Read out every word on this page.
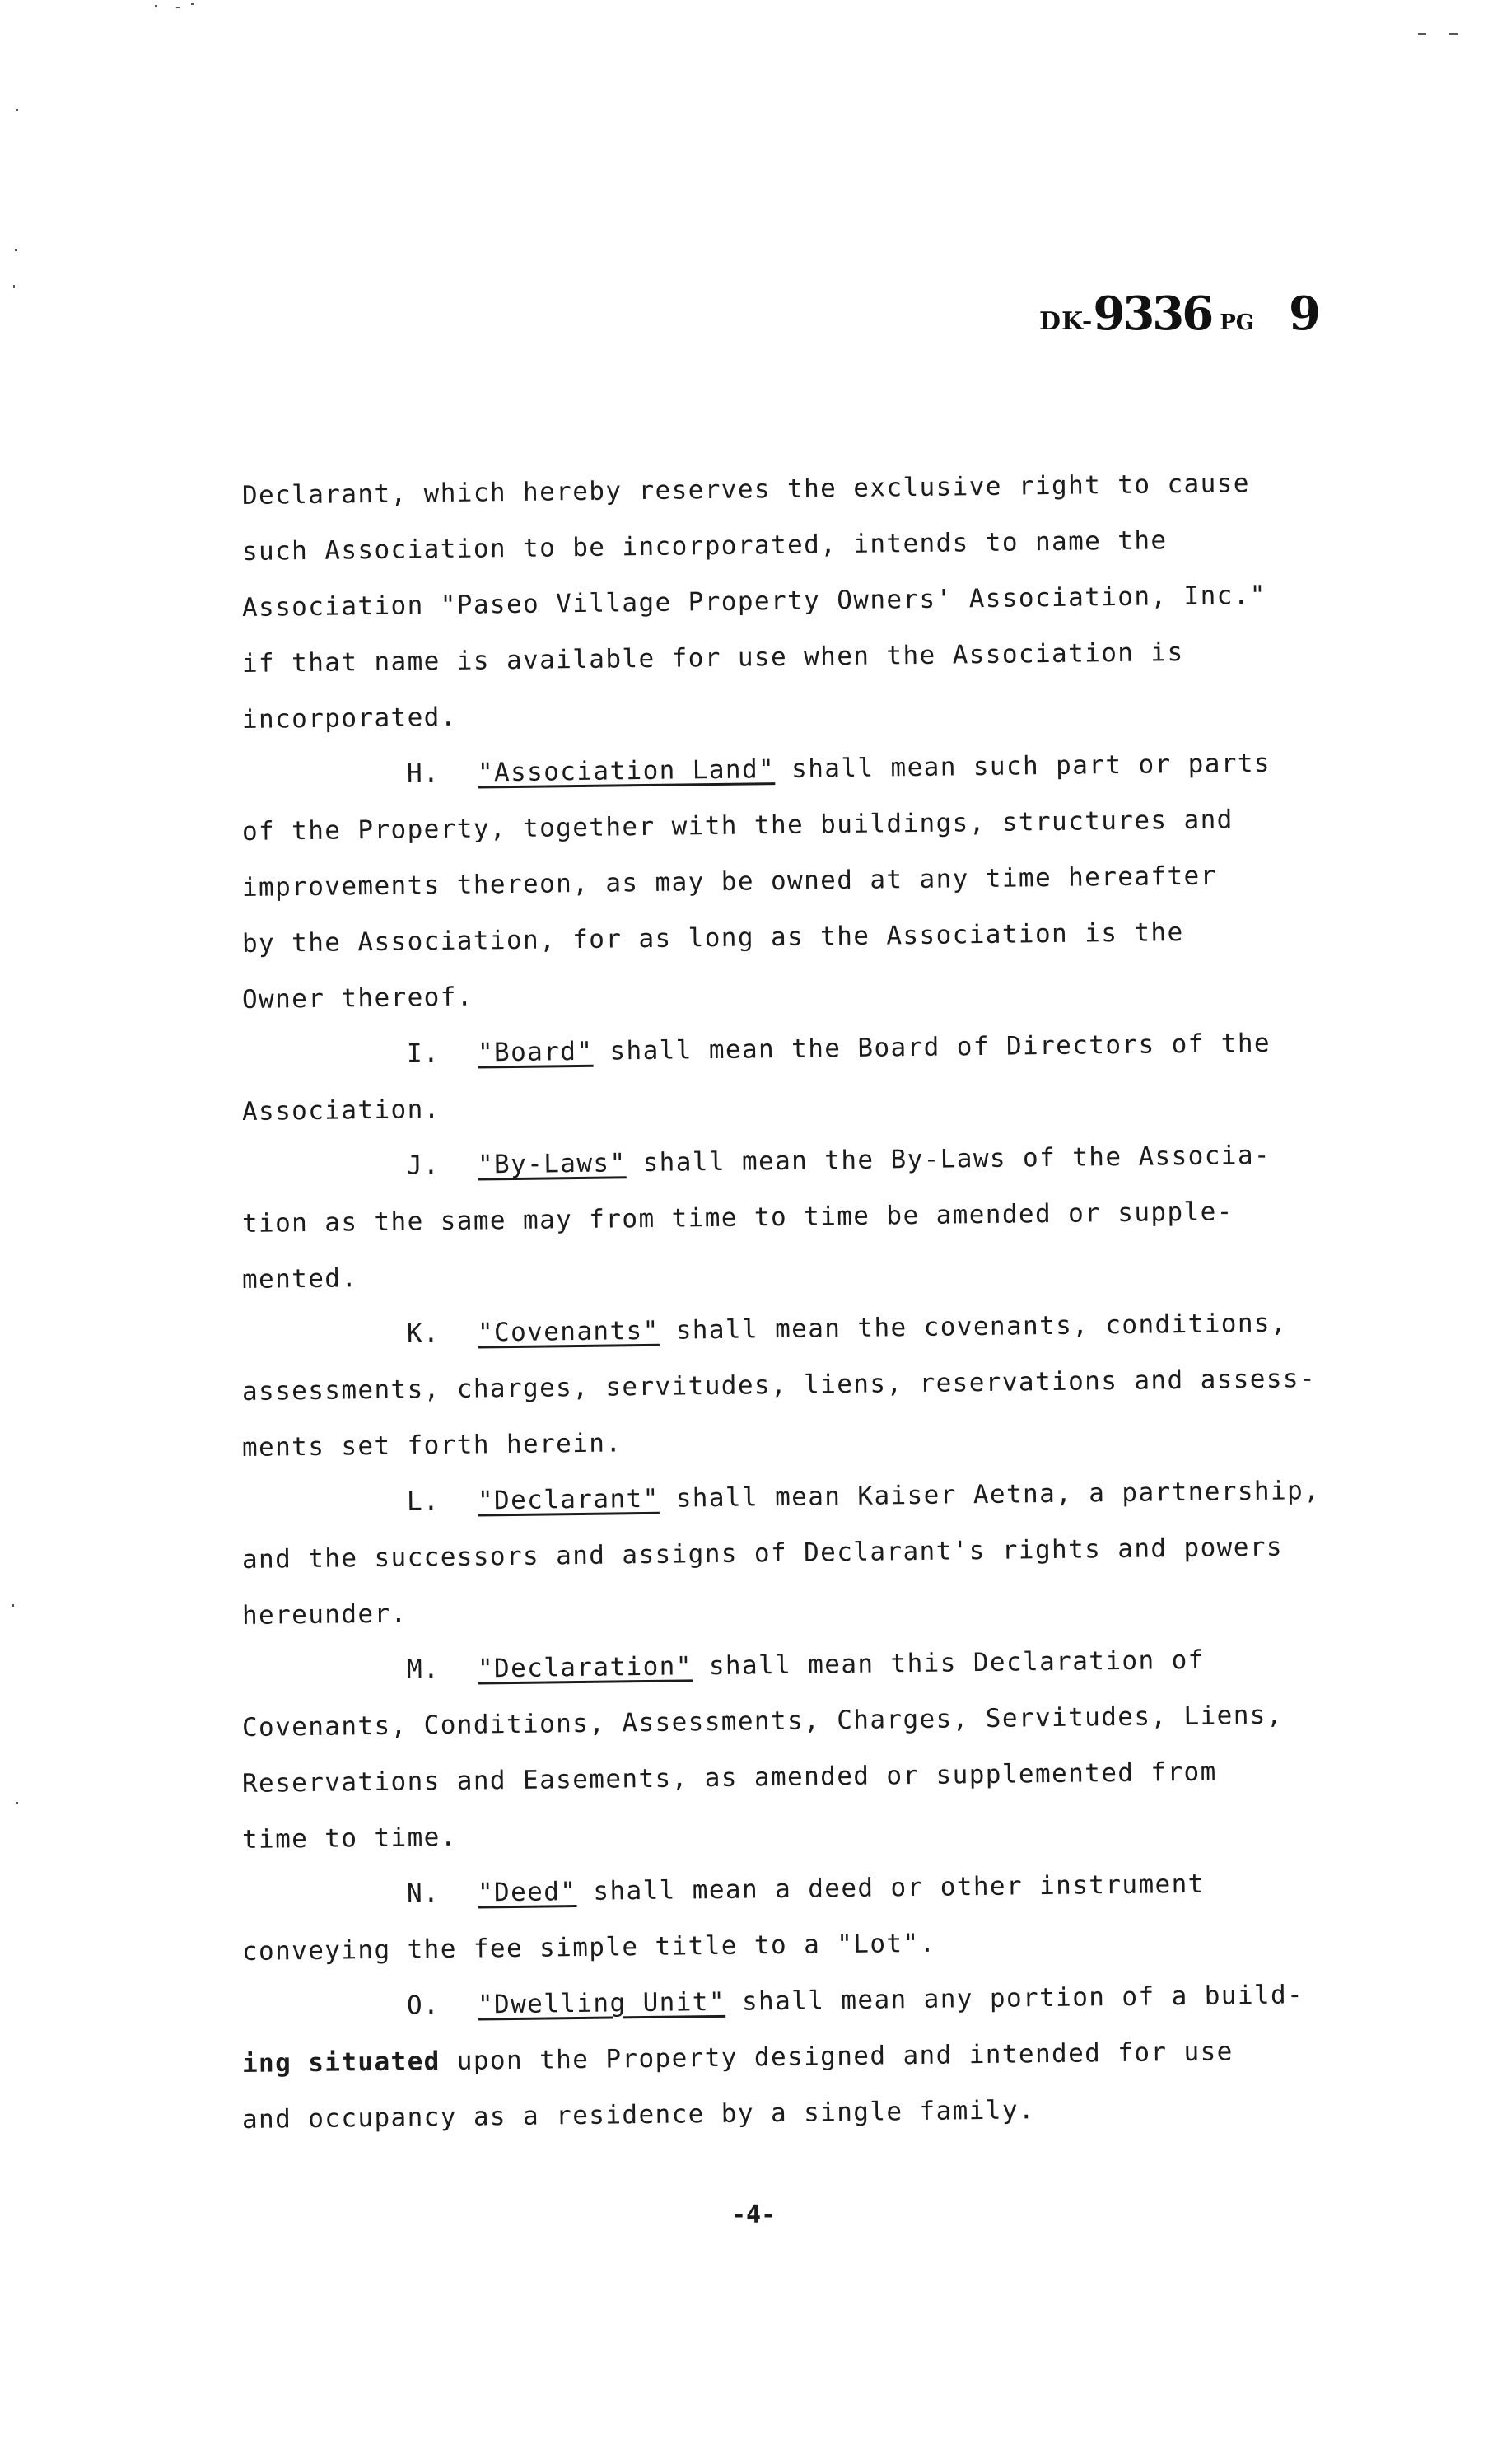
DK-9336 PG 9
Declarant, which hereby reserves the exclusive right to cause
such Association to be incorporated, intends to name the
Association "Paseo Village Property Owners' Association, Inc."
if that name is available for use when the Association is
incorporated.
H. "Association Land" shall mean such part or parts
of the Property, together with the buildings, structures and
improvements thereon, as may be owned at any time hereafter
by the Association, for as long as the Association is the
Owner thereof.
I. "Board" shall mean the Board of Directors of the
Association.
J. "By-Laws" shall mean the By-Laws of the Associa-
tion as the same may from time to time be amended or supple-
mented.
K. "Covenants" shall mean the covenants, conditions,
assessments, charges, servitudes, liens, reservations and assess-
ments set forth herein.
L. "Declarant" shall mean Kaiser Aetna, a partnership,
and the successors and assigns of Declarant's rights and powers
hereunder.
M. "Declaration" shall mean this Declaration of
Covenants, Conditions, Assessments, Charges, Servitudes, Liens,
Reservations and Easements, as amended or supplemented from
time to time.
N. "Deed" shall mean a deed or other instrument
conveying the fee simple title to a "Lot".
O. "Dwelling Unit" shall mean any portion of a build-
ing situated upon the Property designed and intended for use
and occupancy as a residence by a single family.
-4-
